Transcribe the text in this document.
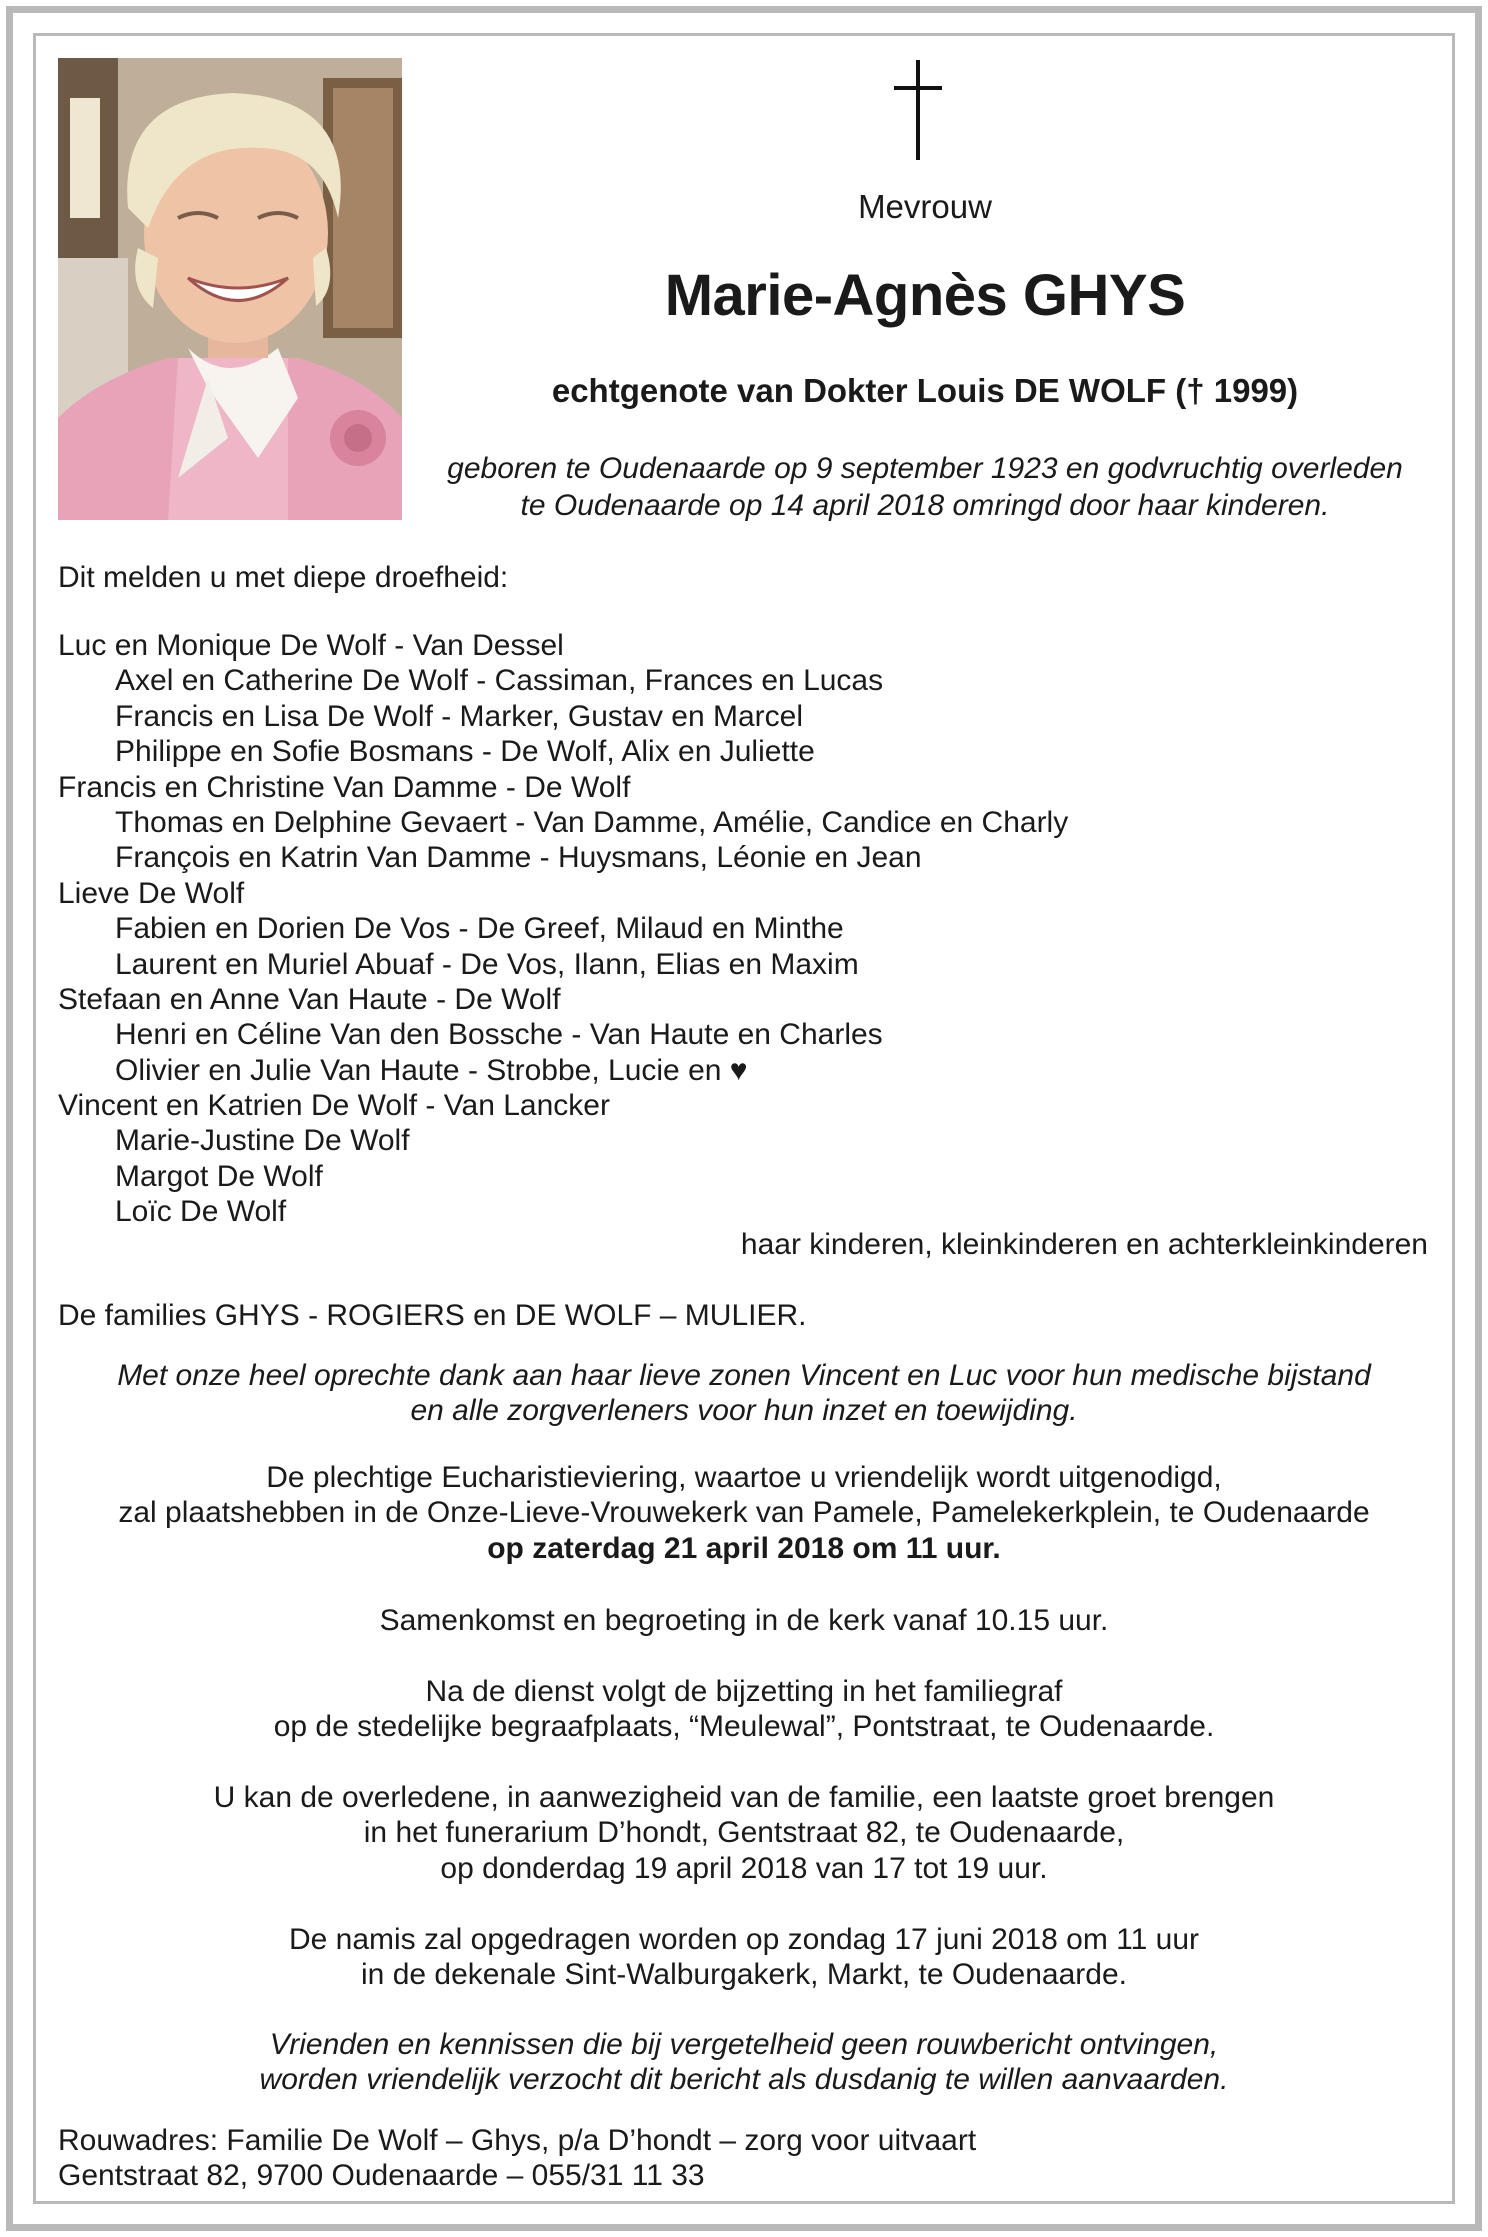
Mevrouw
Marie-Agnès GHYS
echtgenote van Dokter Louis DE WOLF († 1999)
geboren te Oudenaarde op 9 september 1923 en godvruchtig overleden
te Oudenaarde op 14 april 2018 omringd door haar kinderen.
Dit melden u met diepe droefheid:
Luc en Monique De Wolf - Van Dessel
Axel en Catherine De Wolf - Cassiman, Frances en Lucas
Francis en Lisa De Wolf - Marker, Gustav en Marcel
Philippe en Sofie Bosmans - De Wolf, Alix en Juliette
Francis en Christine Van Damme - De Wolf
Thomas en Delphine Gevaert - Van Damme, Amélie, Candice en Charly
François en Katrin Van Damme - Huysmans, Léonie en Jean
Lieve De Wolf
Fabien en Dorien De Vos - De Greef, Milaud en Minthe
Laurent en Muriel Abuaf - De Vos, Ilann, Elias en Maxim
Stefaan en Anne Van Haute - De Wolf
Henri en Céline Van den Bossche - Van Haute en Charles
Olivier en Julie Van Haute - Strobbe, Lucie en ♥
Vincent en Katrien De Wolf - Van Lancker
Marie-Justine De Wolf
Margot De Wolf
Loïc De Wolf
haar kinderen, kleinkinderen en achterkleinkinderen
De families GHYS - ROGIERS en DE WOLF – MULIER.
Met onze heel oprechte dank aan haar lieve zonen Vincent en Luc voor hun medische bijstand
en alle zorgverleners voor hun inzet en toewijding.
De plechtige Eucharistieviering, waartoe u vriendelijk wordt uitgenodigd,
zal plaatshebben in de Onze-Lieve-Vrouwekerk van Pamele, Pamelekerkplein, te Oudenaarde
op zaterdag 21 april 2018 om 11 uur.
Samenkomst en begroeting in de kerk vanaf 10.15 uur.
Na de dienst volgt de bijzetting in het familiegraf
op de stedelijke begraafplaats, “Meulewal”, Pontstraat, te Oudenaarde.
U kan de overledene, in aanwezigheid van de familie, een laatste groet brengen
in het funerarium D’hondt, Gentstraat 82, te Oudenaarde,
op donderdag 19 april 2018 van 17 tot 19 uur.
De namis zal opgedragen worden op zondag 17 juni 2018 om 11 uur
in de dekenale Sint-Walburgakerk, Markt, te Oudenaarde.
Vrienden en kennissen die bij vergetelheid geen rouwbericht ontvingen,
worden vriendelijk verzocht dit bericht als dusdanig te willen aanvaarden.
Rouwadres: Familie De Wolf – Ghys, p/a D’hondt – zorg voor uitvaart
Gentstraat 82, 9700 Oudenaarde – 055/31 11 33
